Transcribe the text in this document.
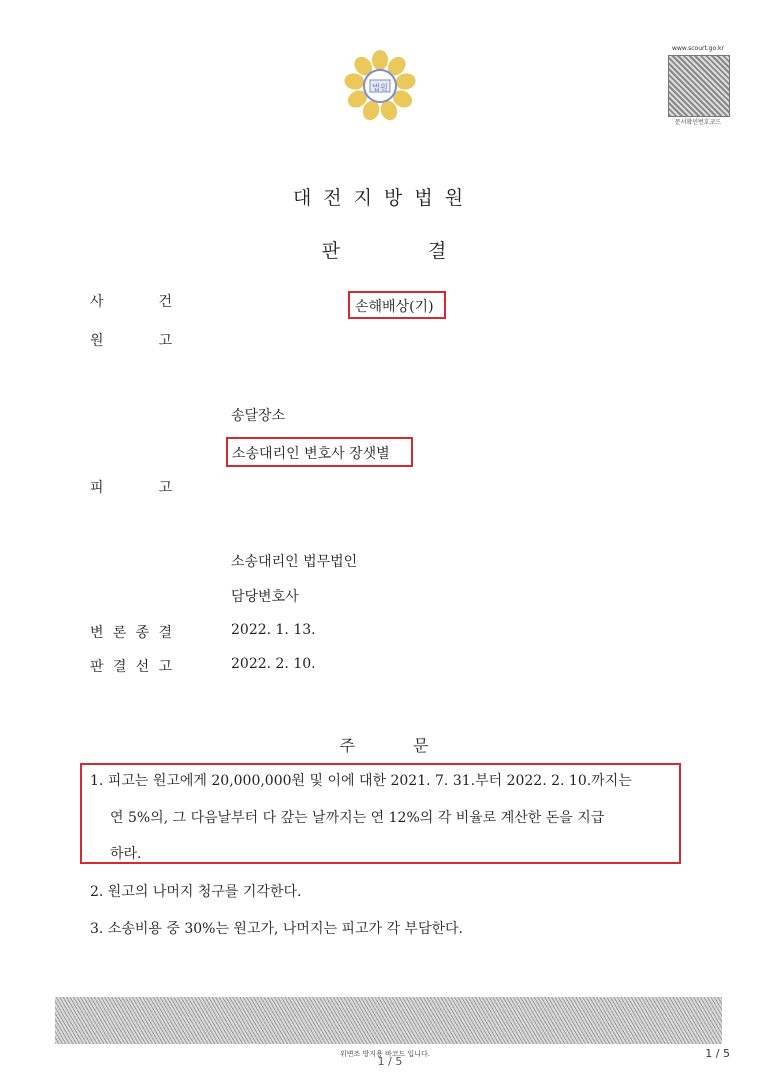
법원
www.scourt.go.kr
문서확인번호코드
대전지방법원
판결
사	건	손해배상(기)
원	고
송달장소
소송대리인 변호사 장샛별
피	고
소송대리인 법무법인
담당변호사
변 론 종 결	2022. 1. 13.
판 결 선 고	2022. 2. 10.
주문
1. 피고는 원고에게 20,000,000원 및 이에 대한 2021. 7. 31.부터 2022. 2. 10.까지는
연 5%의, 그 다음날부터 다 갚는 날까지는 연 12%의 각 비율로 계산한 돈을 지급
하라.
2. 원고의 나머지 청구를 기각한다.
3. 소송비용 중 30%는 원고가, 나머지는 피고가 각 부담한다.
위변조 방지용 바코드 입니다.
1 / 5
1 / 5
